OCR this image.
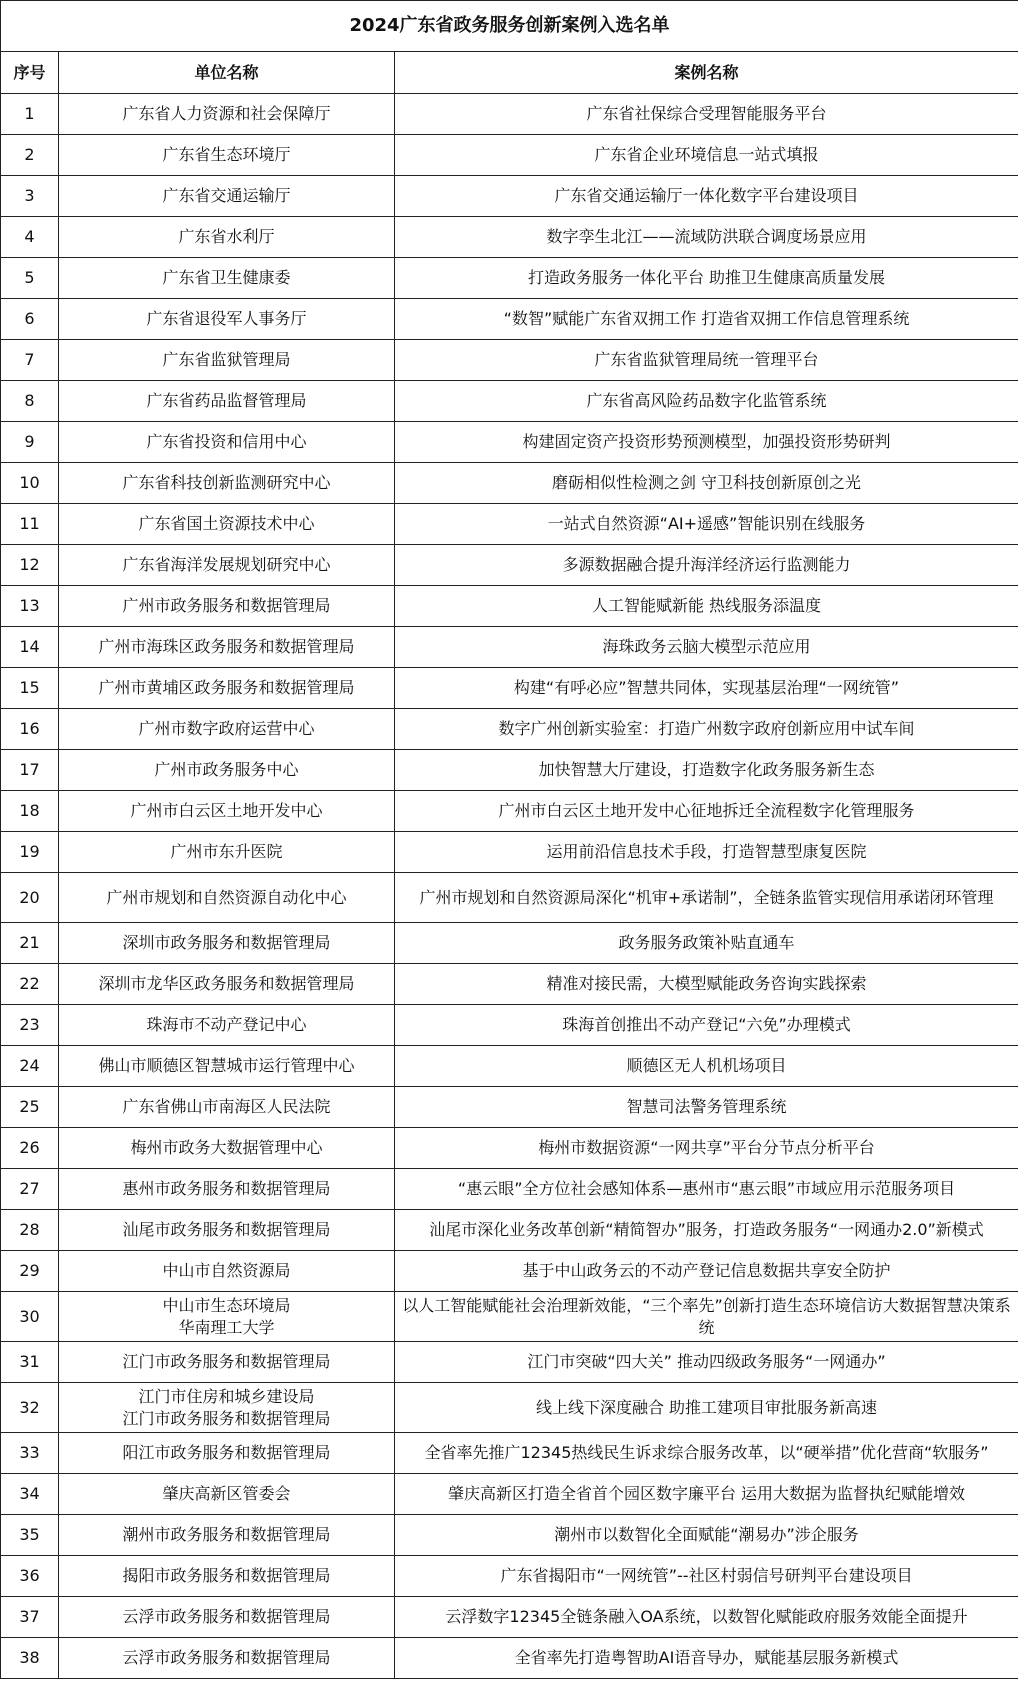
2024广东省政务服务创新案例入选名单		
序号	单位名称	案例名称

1	广东省人力资源和社会保障厅	广东省社保综合受理智能服务平台

2	广东省生态环境厅	广东省企业环境信息一站式填报

3	广东省交通运输厅	广东省交通运输厅一体化数字平台建设项目

4	广东省水利厅	数字孪生北江——流域防洪联合调度场景应用

5	广东省卫生健康委	打造政务服务一体化平台 助推卫生健康高质量发展

6	广东省退役军人事务厅	“数智”赋能广东省双拥工作 打造省双拥工作信息管理系统

7	广东省监狱管理局	广东省监狱管理局统一管理平台

8	广东省药品监督管理局	广东省高风险药品数字化监管系统

9	广东省投资和信用中心	构建固定资产投资形势预测模型，加强投资形势研判

10	广东省科技创新监测研究中心	磨砺相似性检测之剑 守卫科技创新原创之光

11	广东省国土资源技术中心	一站式自然资源“AI+遥感”智能识别在线服务

12	广东省海洋发展规划研究中心	多源数据融合提升海洋经济运行监测能力

13	广州市政务服务和数据管理局	人工智能赋新能 热线服务添温度

14	广州市海珠区政务服务和数据管理局	海珠政务云脑大模型示范应用

15	广州市黄埔区政务服务和数据管理局	构建“有呼必应”智慧共同体，实现基层治理“一网统管”

16	广州市数字政府运营中心	数字广州创新实验室：打造广州数字政府创新应用中试车间

17	广州市政务服务中心	加快智慧大厅建设，打造数字化政务服务新生态

18	广州市白云区土地开发中心	广州市白云区土地开发中心征地拆迁全流程数字化管理服务

19	广州市东升医院	运用前沿信息技术手段，打造智慧型康复医院

20	广州市规划和自然资源自动化中心	广州市规划和自然资源局深化“机审+承诺制”，全链条监管实现信用承诺闭环管理

21	深圳市政务服务和数据管理局	政务服务政策补贴直通车

22	深圳市龙华区政务服务和数据管理局	精准对接民需，大模型赋能政务咨询实践探索

23	珠海市不动产登记中心	珠海首创推出不动产登记“六免”办理模式

24	佛山市顺德区智慧城市运行管理中心	顺德区无人机机场项目

25	广东省佛山市南海区人民法院	智慧司法警务管理系统

26	梅州市政务大数据管理中心	梅州市数据资源“一网共享”平台分节点分析平台

27	惠州市政务服务和数据管理局	“惠云眼”全方位社会感知体系—惠州市“惠云眼”市域应用示范服务项目

28	汕尾市政务服务和数据管理局	汕尾市深化业务改革创新“精简智办”服务，打造政务服务“一网通办2.0”新模式

29	中山市自然资源局	基于中山政务云的不动产登记信息数据共享安全防护

30	中山市生态环境局
华南理工大学	以人工智能赋能社会治理新效能，“三个率先”创新打造生态环境信访大数据智慧决策系统

31	江门市政务服务和数据管理局	江门市突破“四大关” 推动四级政务服务“一网通办”

32	江门市住房和城乡建设局
江门市政务服务和数据管理局	线上线下深度融合 助推工建项目审批服务新高速

33	阳江市政务服务和数据管理局	全省率先推广12345热线民生诉求综合服务改革，以“硬举措”优化营商“软服务”

34	肇庆高新区管委会	肇庆高新区打造全省首个园区数字廉平台 运用大数据为监督执纪赋能增效

35	潮州市政务服务和数据管理局	潮州市以数智化全面赋能“潮易办”涉企服务

36	揭阳市政务服务和数据管理局	广东省揭阳市“一网统管”--社区村弱信号研判平台建设项目

37	云浮市政务服务和数据管理局	云浮数字12345全链条融入OA系统，以数智化赋能政府服务效能全面提升

38	云浮市政务服务和数据管理局	全省率先打造粤智助AI语音导办，赋能基层服务新模式
